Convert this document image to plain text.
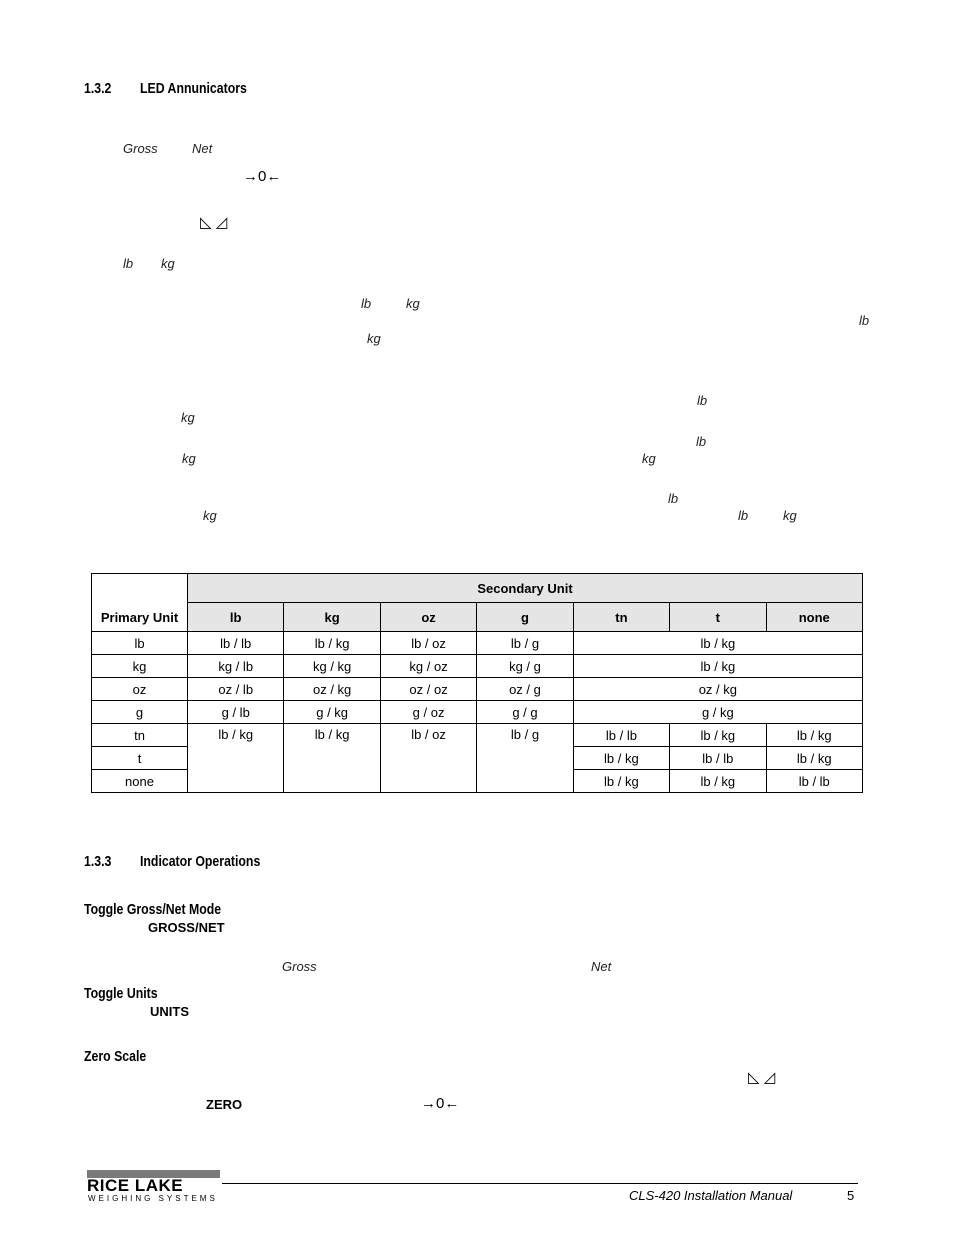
1.3.2 LED Annunicators
Gross	Net
→0←
◺ ◿
lb kg
lb	kg
lb
kg
lb
kg
lb
kg	kg
lb
kg	lb	kg
Primary Unit	Secondary Unit						
	lb	kg	oz	g	tn	t	none
lb	lb / lb	lb / kg	lb / oz	lb / g	lb / kg		
kg	kg / lb	kg / kg	kg / oz	kg / g	lb / kg		
oz	oz / lb	oz / kg	oz / oz	oz / g	oz / kg		
g	g / lb	g / kg	g / oz	g / g	g / kg		
tn	lb / kg	lb / kg	lb / oz	lb / g	lb / lb	lb / kg	lb / kg
t					lb / kg	lb / lb	lb / kg
none					lb / kg	lb / kg	lb / lb
1.3.3 Indicator Operations
Toggle Gross/Net Mode
GROSS/NET
Gross	Net
Toggle Units
UNITS
Zero Scale
◺ ◿
ZERO	→0←
RICE LAKE
WEIGHING SYSTEMS	CLS-420 Installation Manual	5
